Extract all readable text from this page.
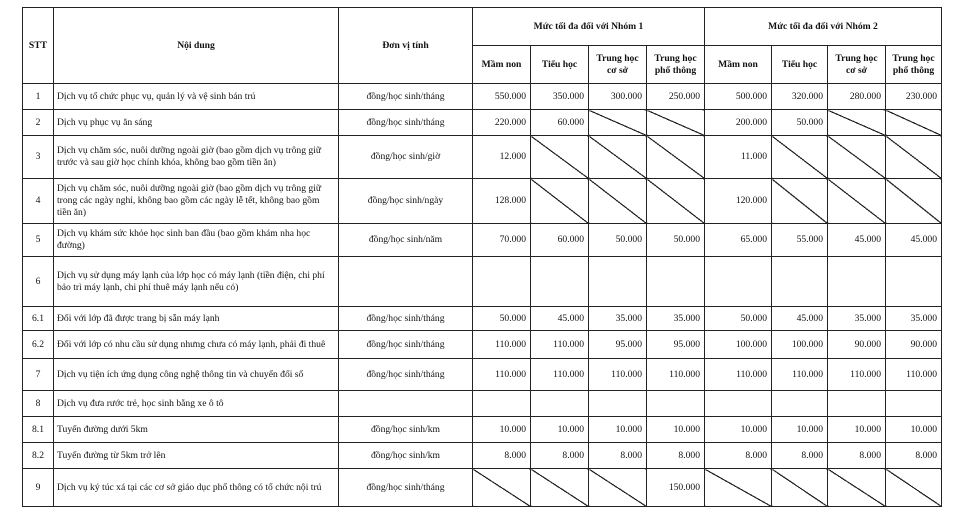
STT	Nội dung	Đơn vị tính	Mức tối đa đối với Nhóm 1				Mức tối đa đối với Nhóm 2			
			Mầm non	Tiểu học	Trung học cơ sở	Trung học phổ thông	Mầm non	Tiểu học	Trung học cơ sở	Trung học phổ thông
1	Dịch vụ tổ chức phục vụ, quản lý và vệ sinh bán trú	đồng/học sinh/tháng	550.000	350.000	300.000	250.000	500.000	320.000	280.000	230.000
2	Dịch vụ phục vụ ăn sáng	đồng/học sinh/tháng	220.000	60.000			200.000	50.000		
3	Dịch vụ chăm sóc, nuôi dưỡng ngoài giờ (bao gồm dịch vụ trông giữ trước và sau giờ học chính khóa, không bao gồm tiền ăn)	đồng/học sinh/giờ	12.000				11.000			
4	Dịch vụ chăm sóc, nuôi dưỡng ngoài giờ (bao gồm dịch vụ trông giữ trong các ngày nghỉ, không bao gồm các ngày lễ tết, không bao gồm tiền ăn)	đồng/học sinh/ngày	128.000				120.000			
5	Dịch vụ khám sức khỏe học sinh ban đầu (bao gồm khám nha học đường)	đồng/học sinh/năm	70.000	60.000	50.000	50.000	65.000	55.000	45.000	45.000
6	Dịch vụ sử dụng máy lạnh của lớp học có máy lạnh (tiền điện, chi phí bảo trì máy lạnh, chi phí thuê máy lạnh nếu có)									
6.1	Đối với lớp đã được trang bị sẵn máy lạnh	đồng/học sinh/tháng	50.000	45.000	35.000	35.000	50.000	45.000	35.000	35.000
6.2	Đối với lớp có nhu cầu sử dụng nhưng chưa có máy lạnh, phải đi thuê	đồng/học sinh/tháng	110.000	110.000	95.000	95.000	100.000	100.000	90.000	90.000
7	Dịch vụ tiện ích ứng dụng công nghệ thông tin và chuyển đổi số	đồng/học sinh/tháng	110.000	110.000	110.000	110.000	110.000	110.000	110.000	110.000
8	Dịch vụ đưa rước trẻ, học sinh bằng xe ô tô									
8.1	Tuyến đường dưới 5km	đồng/học sinh/km	10.000	10.000	10.000	10.000	10.000	10.000	10.000	10.000
8.2	Tuyến đường từ 5km trở lên	đồng/học sinh/km	8.000	8.000	8.000	8.000	8.000	8.000	8.000	8.000
9	Dịch vụ ký túc xá tại các cơ sở giáo dục phổ thông có tổ chức nội trú	đồng/học sinh/tháng				150.000				
